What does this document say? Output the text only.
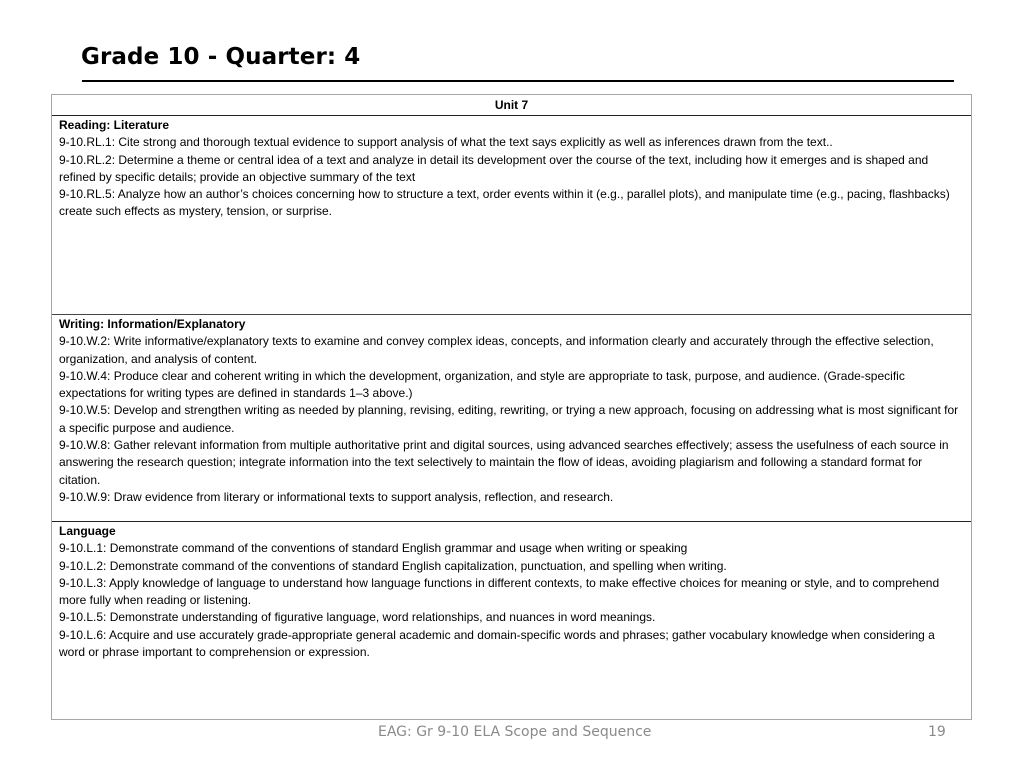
Grade 10 - Quarter: 4
Unit 7
Reading: Literature
9-10.RL.1: Cite strong and thorough textual evidence to support analysis of what the text says explicitly as well as inferences drawn from the text..
9-10.RL.2: Determine a theme or central idea of a text and analyze in detail its development over the course of the text, including how it emerges and is shaped and refined by specific details; provide an objective summary of the text
9-10.RL.5: Analyze how an author’s choices concerning how to structure a text, order events within it (e.g., parallel plots), and manipulate time (e.g., pacing, flashbacks) create such effects as mystery, tension, or surprise.
Writing: Information/Explanatory
9-10.W.2: Write informative/explanatory texts to examine and convey complex ideas, concepts, and information clearly and accurately through the effective selection, organization, and analysis of content.
9-10.W.4: Produce clear and coherent writing in which the development, organization, and style are appropriate to task, purpose, and audience. (Grade-specific expectations for writing types are defined in standards 1–3 above.)
9-10.W.5: Develop and strengthen writing as needed by planning, revising, editing, rewriting, or trying a new approach, focusing on addressing what is most significant for a specific purpose and audience.
9-10.W.8: Gather relevant information from multiple authoritative print and digital sources, using advanced searches effectively; assess the usefulness of each source in answering the research question; integrate information into the text selectively to maintain the flow of ideas, avoiding plagiarism and following a standard format for citation.
9-10.W.9: Draw evidence from literary or informational texts to support analysis, reflection, and research.
Language
9-10.L.1: Demonstrate command of the conventions of standard English grammar and usage when writing or speaking
9-10.L.2: Demonstrate command of the conventions of standard English capitalization, punctuation, and spelling when writing.
9-10.L.3: Apply knowledge of language to understand how language functions in different contexts, to make effective choices for meaning or style, and to comprehend more fully when reading or listening.
9-10.L.5: Demonstrate understanding of figurative language, word relationships, and nuances in word meanings.
9-10.L.6: Acquire and use accurately grade-appropriate general academic and domain-specific words and phrases; gather vocabulary knowledge when considering a word or phrase important to comprehension or expression.
EAG: Gr 9-10 ELA Scope and Sequence	19
